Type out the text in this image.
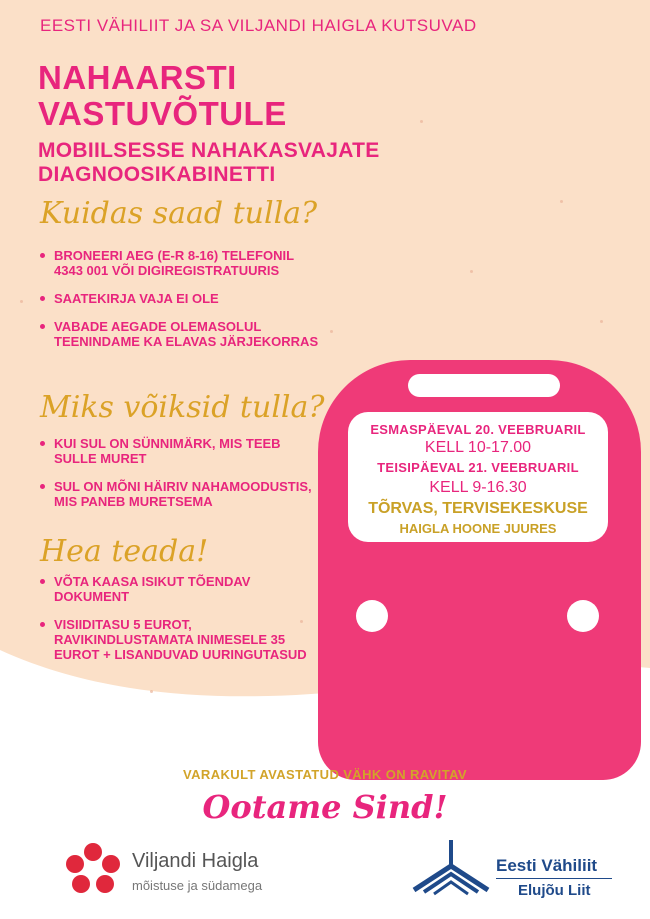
EESTI VÄHILIIT JA SA VILJANDI HAIGLA KUTSUVAD
NAHAARSTI
VASTUVÕTULE
MOBIILSESSE NAHAKASVAJATE
DIAGNOOSIKABINETTI
Kuidas saad tulla?
BRONEERI AEG (E-R 8-16) TELEFONIL 4343 001 VÕI DIGIREGISTRATUURIS
SAATEKIRJA VAJA EI OLE
VABADE AEGADE OLEMASOLUL TEENINDAME KA ELAVAS JÄRJEKORRAS
Miks võiksid tulla?
KUI SUL ON SÜNNIMÄRK, MIS TEEB SULLE MURET
SUL ON MÕNI HÄIRIV NAHAMOODUSTIS, MIS PANEB MURETSEMA
Hea teada!
VÕTA KAASA ISIKUT TÕENDAV DOKUMENT
VISIIDITASU 5 EUROT, RAVIKINDLUSTAMATA INIMESELE 35 EUROT + LISANDUVAD UURINGUTASUD
ESMASPÄEVAL 20. VEEBRUARIL
KELL 10-17.00
TEISIPÄEVAL 21. VEEBRUARIL
KELL 9-16.30
TÕRVAS, TERVISEKESKUSE
HAIGLA HOONE JUURES
VARAKULT AVASTATUD VÄHK ON RAVITAV
Ootame Sind!
Viljandi Haigla
mõistuse ja südamega
Eesti Vähiliit
Elujõu Liit
